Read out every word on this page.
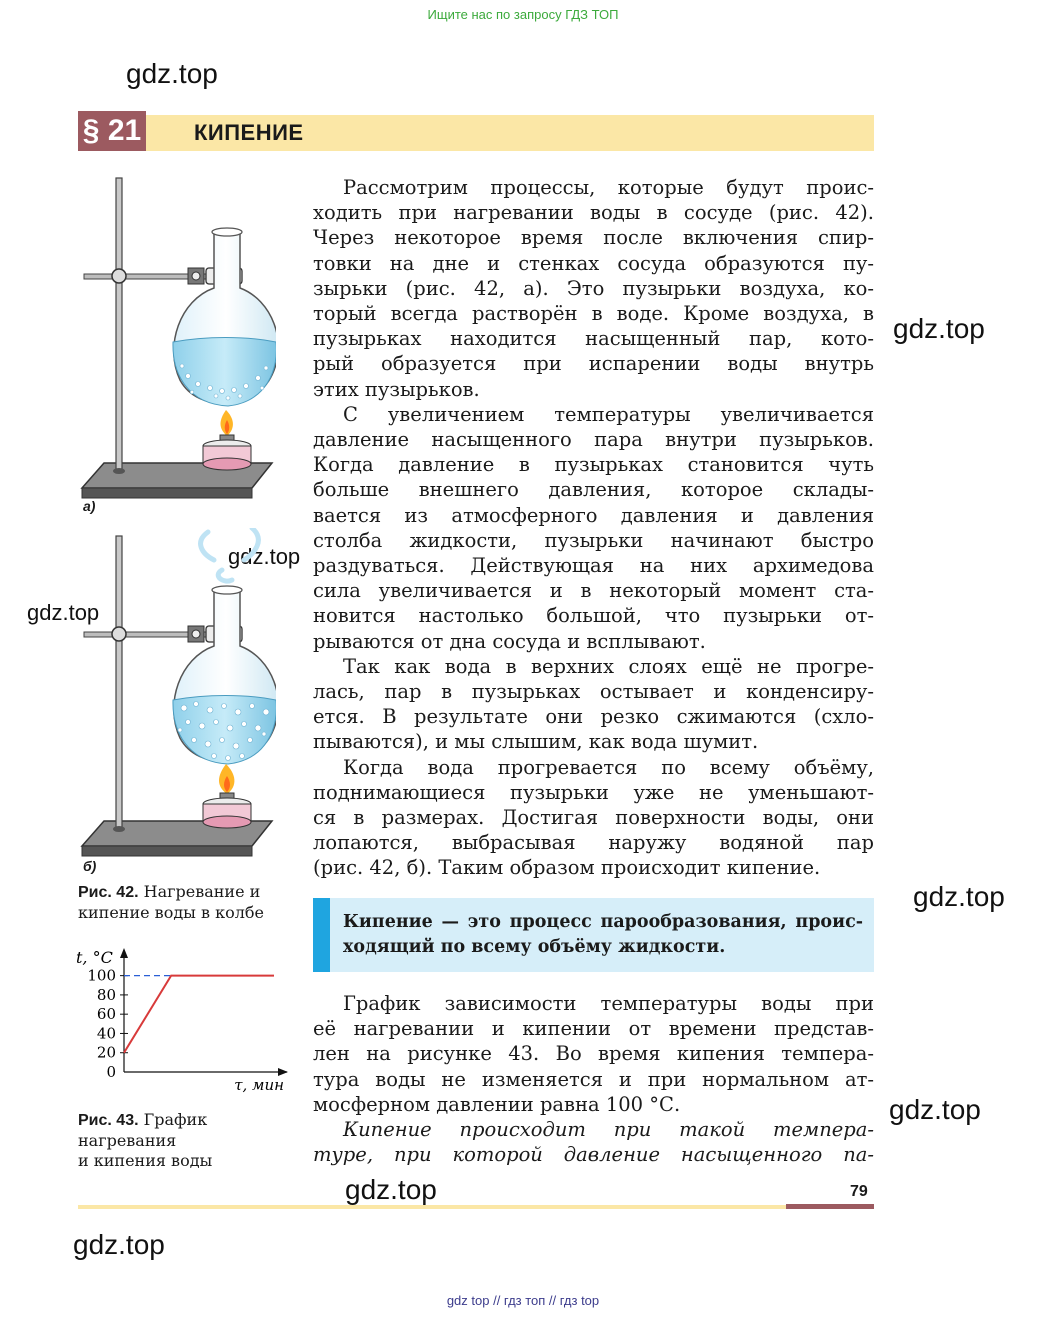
Ищите нас по запросу ГДЗ ТОП
gdz.top
gdz.top
gdz.top
gdz.top
gdz.top
gdz.top
gdz.top
gdz.top
§ 21 КИПЕНИЕ

Рассмотрим процессы, которые будут проис-

ходить при нагревании воды в сосуде (рис. 42).

Через некоторое время после включения спир-

товки на дне и стенках сосуда образуются пу-

зырьки (рис. 42, а). Это пузырьки воздуха, ко-

торый всегда растворён в воде. Кроме воздуха, в

пузырьках находится насыщенный пар, кото-

рый образуется при испарении воды внутрь

этих пузырьков.

С увеличением температуры увеличивается

давление насыщенного пара внутри пузырьков.

Когда давление в пузырьках становится чуть

больше внешнего давления, которое склады-

вается из атмосферного давления и давления

столба жидкости, пузырьки начинают быстро

раздуваться. Действующая на них архимедова

сила увеличивается и в некоторый момент ста-

новится настолько большой, что пузырьки от-

рываются от дна сосуда и всплывают.

Так как вода в верхних слоях ещё не прогре-

лась, пар в пузырьках остывает и конденсиру-

ется. В результате они резко сжимаются (схло-

пываются), и мы слышим, как вода шумит.

Когда вода прогревается по всему объёму,

поднимающиеся пузырьки уже не уменьшают-

ся в размерах. Достигая поверхности воды, они

лопаются, выбрасывая наружу водяной пар

(рис. 42, б). Таким образом происходит кипение.

Кипение — это процесс парообразования, проис-
ходящий по всему объёму жидкости.

График зависимости температуры воды при

её нагревании и кипении от времени представ-

лен на рисунке 43. Во время кипения темпера-

тура воды не изменяется и при нормальном ат-

мосферном давлении равна 100 °С.

Кипение происходит при такой темпера-

туре, при которой давление насыщенного па-

а)
б)
Рис. 42. Нагревание и
кипение воды в колбе
100
80
60
40
20
0
t, °C
τ, мин
Рис. 43. График
нагревания
и кипения воды
79
gdz top // гдз топ // гдз top
